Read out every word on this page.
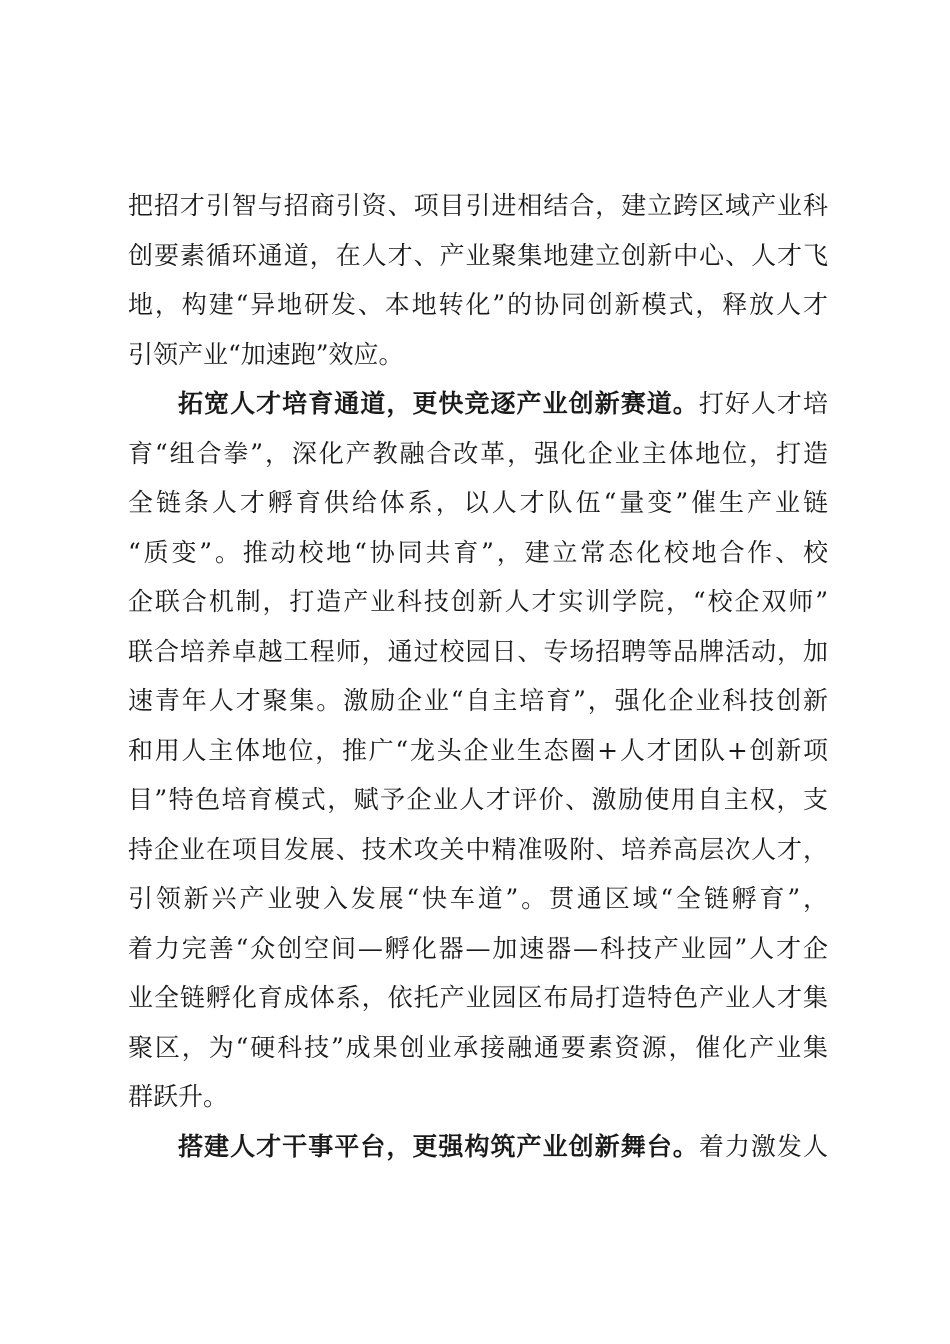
把招才引智与招商引资、项目引进相结合，建立跨区域产业科
创要素循环通道，在人才、产业聚集地建立创新中心、人才飞
地，构建“异地研发、本地转化”的协同创新模式，释放人才
引领产业“加速跑”效应。
拓宽人才培育通道，更快竞逐产业创新赛道。打好人才培
育“组合拳”，深化产教融合改革，强化企业主体地位，打造
全链条人才孵育供给体系，以人才队伍“量变”催生产业链
“质变”。推动校地“协同共育”，建立常态化校地合作、校
企联合机制，打造产业科技创新人才实训学院，“校企双师”
联合培养卓越工程师，通过校园日、专场招聘等品牌活动，加
速青年人才聚集。激励企业“自主培育”，强化企业科技创新
和用人主体地位，推广“龙头企业生态圈+人才团队+创新项
目”特色培育模式，赋予企业人才评价、激励使用自主权，支
持企业在项目发展、技术攻关中精准吸附、培养高层次人才，
引领新兴产业驶入发展“快车道”。贯通区域“全链孵育”，
着力完善“众创空间—孵化器—加速器—科技产业园”人才企
业全链孵化育成体系，依托产业园区布局打造特色产业人才集
聚区，为“硬科技”成果创业承接融通要素资源，催化产业集
群跃升。
搭建人才干事平台，更强构筑产业创新舞台。着力激发人
